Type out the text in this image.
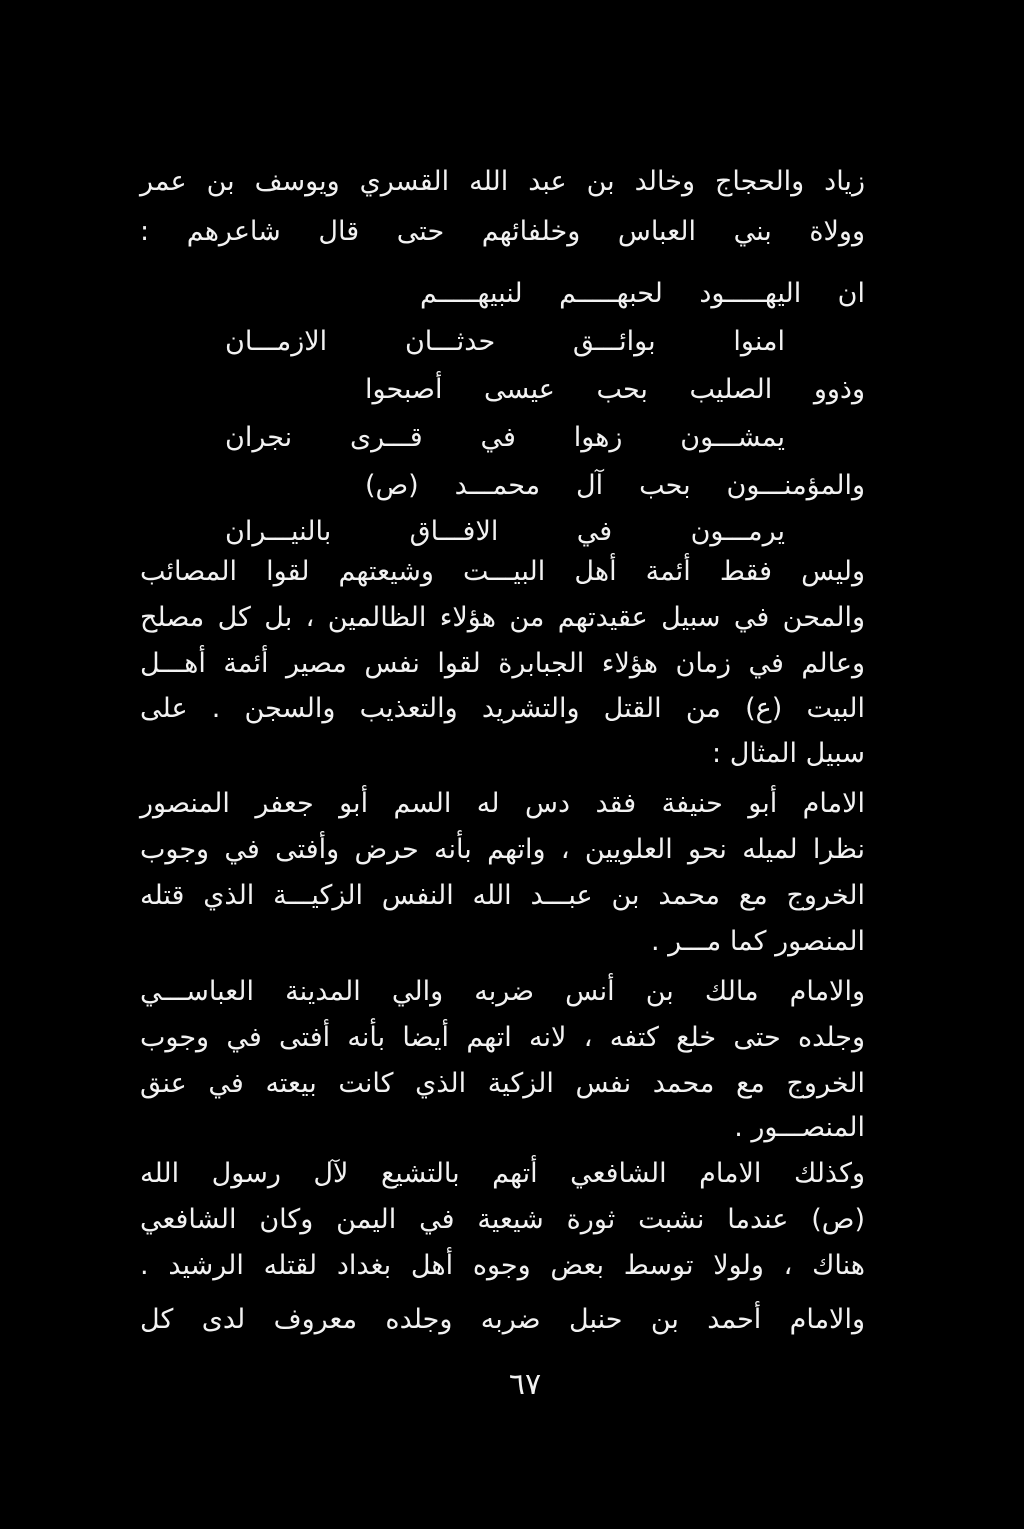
زياد والحجاج وخالد بن عبد الله القسري ويوسف بن عمر
وولاة بني العباس وخلفائهم حتى قال شاعرهم :
ان اليهـــــود لحبهـــــم لنبيهـــــم
امنوا بوائـــق حدثـــان الازمـــان
وذوو الصليب بحب عيسى أصبحوا
يمشـــون زهوا في قـــرى نجران
والمؤمنـــون بحب آل محمـــد (ص)
يرمـــون في الافـــاق بالنيـــران
وليس فقط أئمة أهل البيـــت وشيعتهم لقوا المصائب
والمحن في سبيل عقيدتهم من هؤلاء الظالمين ، بل كل مصلح
وعالم في زمان هؤلاء الجبابرة لقوا نفس مصير أئمة أهـــل
البيت (ع) من القتل والتشريد والتعذيب والسجن . على
سبيل المثال :
الامام أبو حنيفة فقد دس له السم أبو جعفر المنصور
نظرا لميله نحو العلويين ، واتهم بأنه حرض وأفتى في وجوب
الخروج مع محمد بن عبـــد الله النفس الزكيـــة الذي قتله
المنصور كما مـــر .
والامام مالك بن أنس ضربه والي المدينة العباســـي
وجلده حتى خلع كتفه ، لانه اتهم أيضا بأنه أفتى في وجوب
الخروج مع محمد نفس الزكية الذي كانت بيعته في عنق
المنصـــور .
وكذلك الامام الشافعي أتهم بالتشيع لآل رسول الله
(ص) عندما نشبت ثورة شيعية في اليمن وكان الشافعي
هناك ، ولولا توسط بعض وجوه أهل بغداد لقتله الرشيد .
والامام أحمد بن حنبل ضربه وجلده معروف لدى كل
٦٧
